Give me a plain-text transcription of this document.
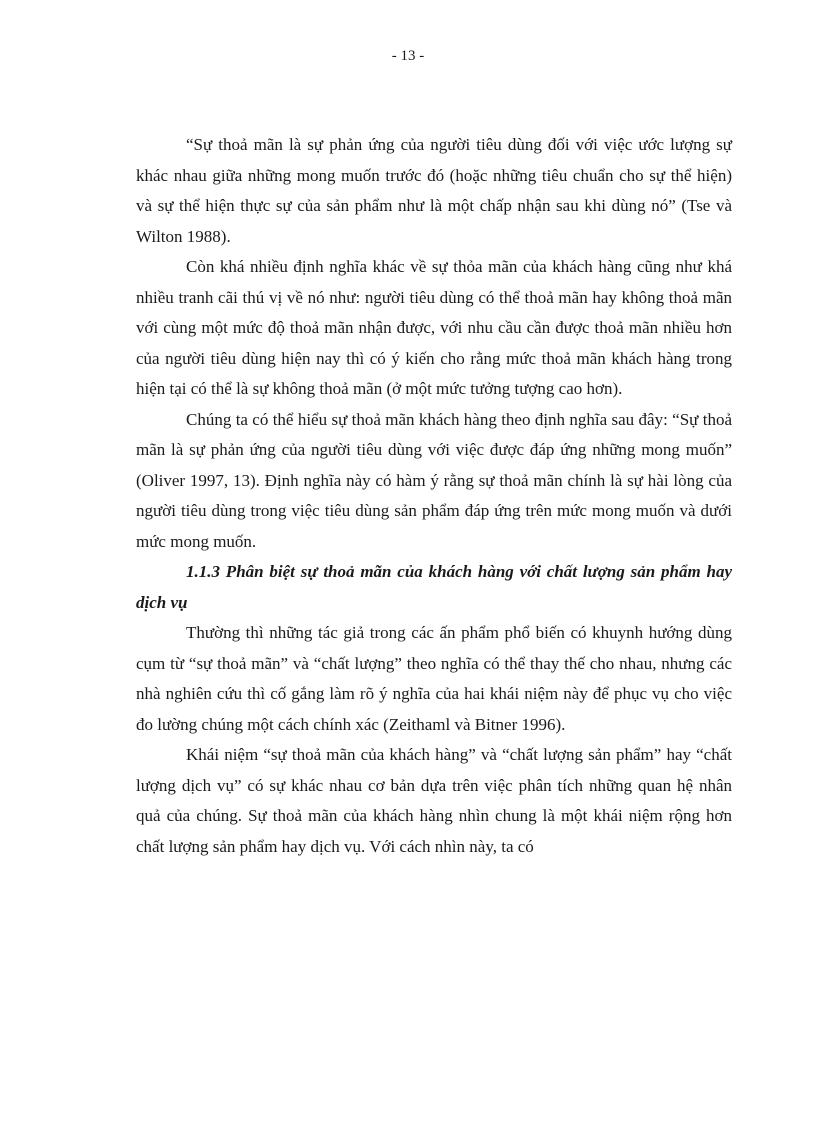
- 13 -

“Sự thoả mãn là sự phản ứng của người tiêu dùng đối với việc ước lượng sự khác nhau giữa những mong muốn trước đó (hoặc những tiêu chuẩn cho sự thể hiện) và sự thể hiện thực sự của sản phẩm như là một chấp nhận sau khi dùng nó” (Tse và Wilton 1988).

Còn khá nhiều định nghĩa khác về sự thỏa mãn của khách hàng cũng như khá nhiều tranh cãi thú vị về nó như: người tiêu dùng có thể thoả mãn hay không thoả mãn với cùng một mức độ thoả mãn nhận được, với nhu cầu cần được thoả mãn nhiều hơn của người tiêu dùng hiện nay thì có ý kiến cho rằng mức thoả mãn khách hàng trong hiện tại có thể là sự không thoả mãn (ở một mức tưởng tượng cao hơn).

Chúng ta có thể hiểu sự thoả mãn khách hàng theo định nghĩa sau đây: “Sự thoả mãn là sự phản ứng của người tiêu dùng với việc được đáp ứng những mong muốn” (Oliver 1997, 13). Định nghĩa này có hàm ý rằng sự thoả mãn chính là sự hài lòng của người tiêu dùng trong việc tiêu dùng sản phẩm đáp ứng trên mức mong muốn và dưới mức mong muốn.

1.1.3 Phân biệt sự thoả mãn của khách hàng với chất lượng sản phẩm hay dịch vụ

Thường thì những tác giả trong các ấn phẩm phổ biến có khuynh hướng dùng cụm từ “sự thoả mãn” và “chất lượng” theo nghĩa có thể thay thế cho nhau, nhưng các nhà nghiên cứu thì cố gắng làm rõ ý nghĩa của hai khái niệm này để phục vụ cho việc đo lường chúng một cách chính xác (Zeithaml và Bitner 1996).

Khái niệm “sự thoả mãn của khách hàng” và “chất lượng sản phẩm” hay “chất lượng dịch vụ” có sự khác nhau cơ bản dựa trên việc phân tích những quan hệ nhân quả của chúng. Sự thoả mãn của khách hàng nhìn chung là một khái niệm rộng hơn chất lượng sản phẩm hay dịch vụ. Với cách nhìn này, ta có
